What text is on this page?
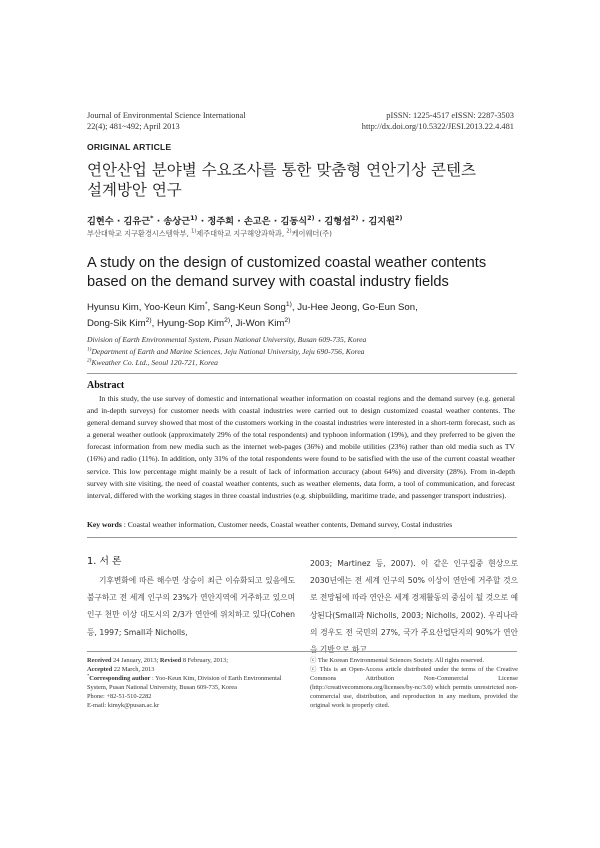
Journal of Environmental Science International
22(4); 481~492; April 2013
pISSN: 1225-4517 eISSN: 2287-3503
http://dx.doi.org/10.5322/JESI.2013.22.4.481
ORIGINAL ARTICLE
연안산업 분야별 수요조사를 통한 맞춤형 연안기상 콘텐츠
설계방안 연구
김현수 · 김유근* · 송상근$^{1)}$ · 정주희 · 손고은 · 김동식$^{2)}$ · 김형섭$^{2)}$ · 김지원$^{2)}$
부산대학교 지구환경시스템학부, $^{1)}$제주대학교 지구해양과학과, $^{2)}$케이웨더(주)
A study on the design of customized coastal weather contents
based on the demand survey with coastal industry fields
Hyunsu Kim, Yoo-Keun Kim*, Sang-Keun Song$^{1)}$, Ju-Hee Jeong, Go-Eun Son,
Dong-Sik Kim$^{2)}$, Hyung-Sop Kim$^{2)}$, Ji-Won Kim$^{2)}$
Division of Earth Environmental System, Pusan National University, Busan 609-735, Korea
$^{1)}$Department of Earth and Marine Sciences, Jeju National University, Jeju 690-756, Korea
$^{2)}$Kweather Co. Ltd., Seoul 120-721, Korea
Abstract
In this study, the use survey of domestic and international weather information on coastal regions and the demand survey (e.g. general and in-depth surveys) for customer needs with coastal industries were carried out to design customized coastal weather contents. The general demand survey showed that most of the customers working in the coastal industries were interested in a short-term forecast, such as a general weather outlook (approximately 29% of the total respondents) and typhoon information (19%), and they preferred to be given the forecast information from new media such as the internet web-pages (36%) and mobile utilities (23%) rather than old media such as TV (16%) and radio (11%). In addition, only 31% of the total respondents were found to be satisfied with the use of the current coastal weather service. This low percentage might mainly be a result of lack of information accuracy (about 64%) and diversity (28%). From in-depth survey with site visiting, the need of coastal weather contents, such as weather elements, data form, a tool of communication, and forecast interval, differed with the working stages in three coastal industries (e.g. shipbuilding, maritime trade, and passenger transport industries).
Key words : Coastal weather information, Customer needs, Coastal weather contents, Demand survey, Costal industries
1. 서 론
기후변화에 따른 해수면 상승이 최근 이슈화되고 있음에도 불구하고 전 세계 인구의 23%가 연안지역에 거주하고 있으며 인구 천만 이상 대도시의 2/3가 연안에 위치하고 있다(Cohen 등, 1997; Small과 Nicholls,
2003; Martinez 등, 2007). 이 같은 인구집중 현상으로 2030년에는 전 세계 인구의 50% 이상이 연안에 거주할 것으로 전망됨에 따라 연안은 세계 경제활동의 중심이 될 것으로 예상된다(Small과 Nicholls, 2003; Nicholls, 2002). 우리나라의 경우도 전 국민의 27%, 국가 주요산업단지의 90%가 연안을 기반으로 하고
Received 24 January, 2013; Revised 8 February, 2013;
Accepted 22 March, 2013
*Corresponding author : Yoo-Keun Kim, Division of Earth Environmental System, Pusan National University, Busan 609-735, Korea
Phone: +82-51-510-2282
E-mail: kimyk@pusan.ac.kr
ⓒ The Korean Environmental Sciences Society. All rights reserved.
ⓒ This is an Open-Access article distributed under the terms of the Creative Commons Attribution Non-Commercial License (http://creativecommons.org/licenses/by-nc/3.0) which permits unrestricted non-commercial use, distribution, and reproduction in any medium, provided the original work is properly cited.
